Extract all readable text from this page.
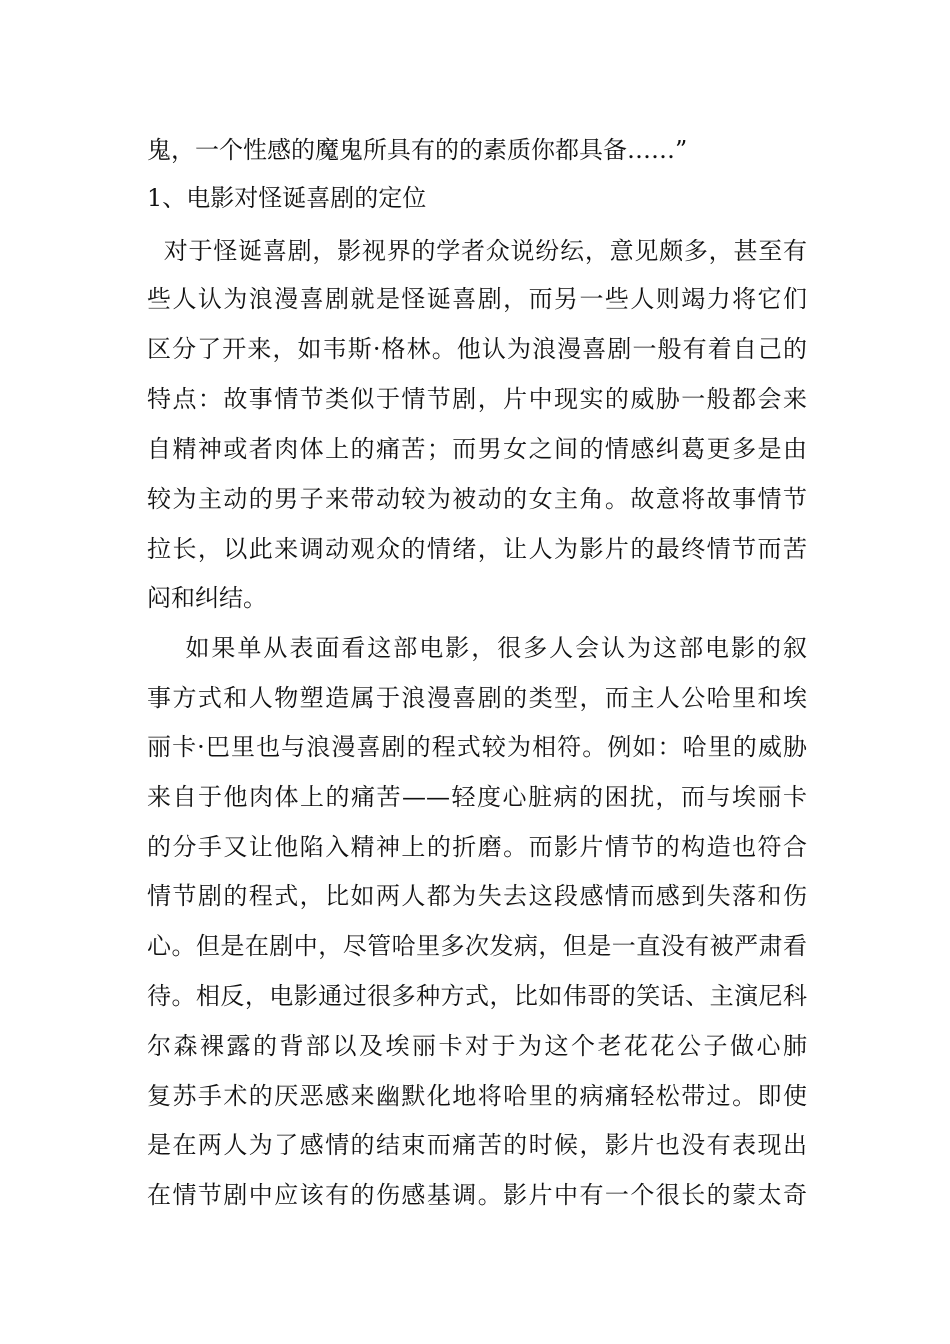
鬼，一个性感的魔鬼所具有的的素质你都具备……”
1、电影对怪诞喜剧的定位
对于怪诞喜剧，影视界的学者众说纷纭，意见颇多，甚至有
些人认为浪漫喜剧就是怪诞喜剧，而另一些人则竭力将它们
区分了开来，如韦斯·格林。他认为浪漫喜剧一般有着自己的
特点：故事情节类似于情节剧，片中现实的威胁一般都会来
自精神或者肉体上的痛苦；而男女之间的情感纠葛更多是由
较为主动的男子来带动较为被动的女主角。故意将故事情节
拉长，以此来调动观众的情绪，让人为影片的最终情节而苦
闷和纠结。
如果单从表面看这部电影，很多人会认为这部电影的叙
事方式和人物塑造属于浪漫喜剧的类型，而主人公哈里和埃
丽卡·巴里也与浪漫喜剧的程式较为相符。例如：哈里的威胁
来自于他肉体上的痛苦——轻度心脏病的困扰，而与埃丽卡
的分手又让他陷入精神上的折磨。而影片情节的构造也符合
情节剧的程式，比如两人都为失去这段感情而感到失落和伤
心。但是在剧中，尽管哈里多次发病，但是一直没有被严肃看
待。相反，电影通过很多种方式，比如伟哥的笑话、主演尼科
尔森裸露的背部以及埃丽卡对于为这个老花花公子做心肺
复苏手术的厌恶感来幽默化地将哈里的病痛轻松带过。即使
是在两人为了感情的结束而痛苦的时候，影片也没有表现出
在情节剧中应该有的伤感基调。影片中有一个很长的蒙太奇
